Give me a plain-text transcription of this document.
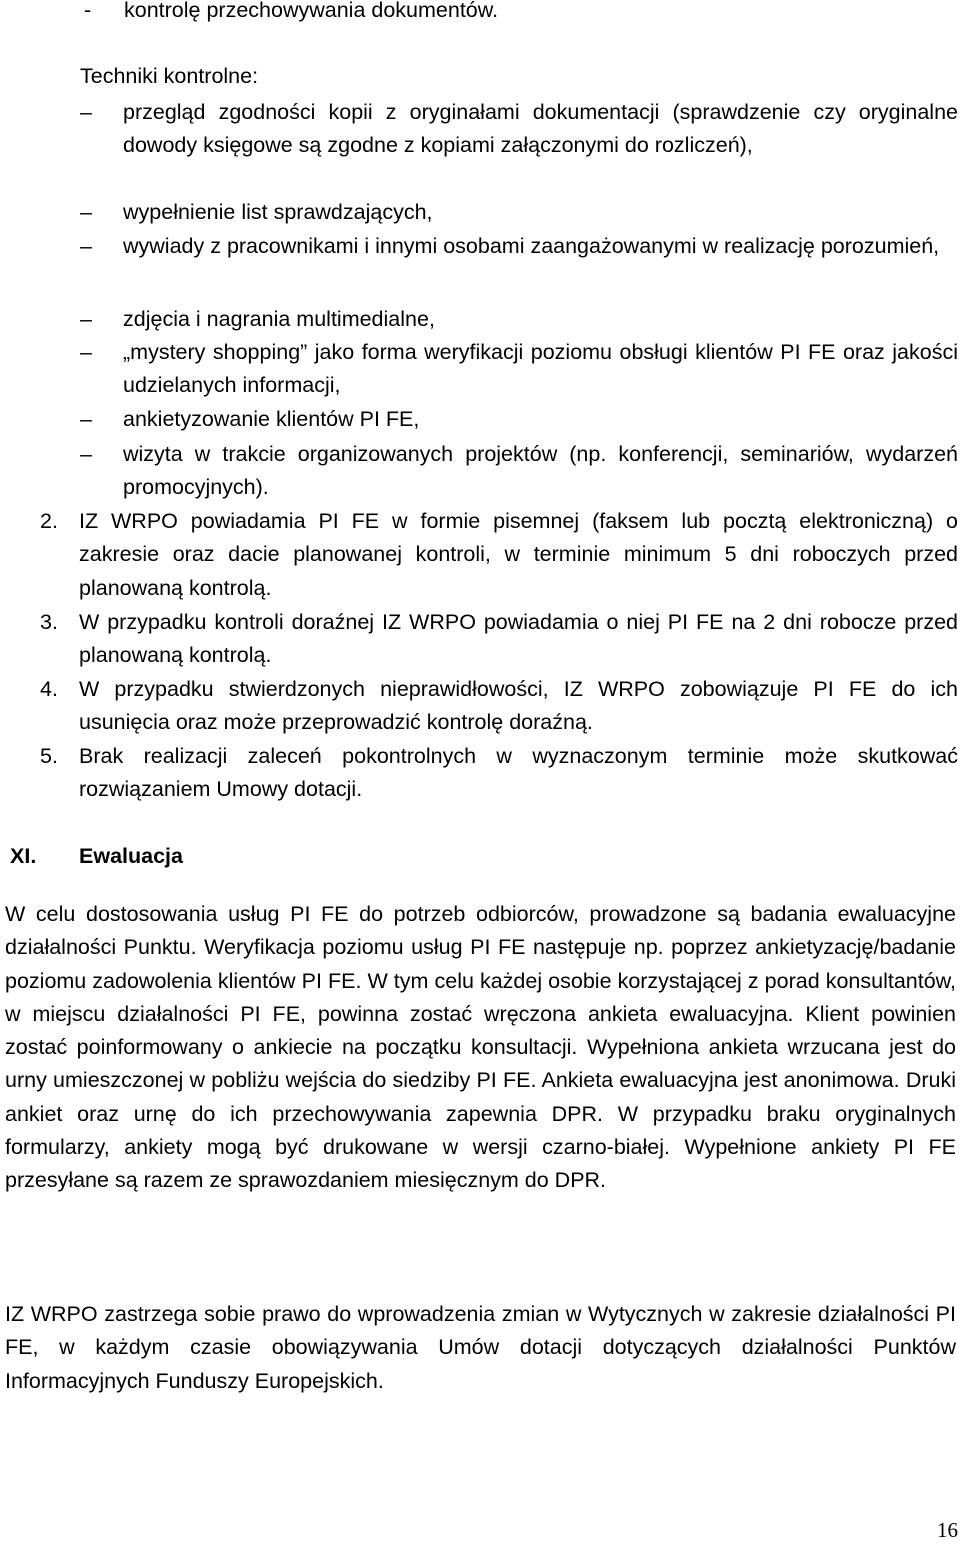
- kontrolę przechowywania dokumentów.
Techniki kontrolne:
–	przegląd zgodności kopii z oryginałami dokumentacji (sprawdzenie czy oryginalne dowody księgowe są zgodne z kopiami załączonymi do rozliczeń),
–	wypełnienie list sprawdzających,
–	wywiady z pracownikami i innymi osobami zaangażowanymi w realizację porozumień,
–	zdjęcia i nagrania multimedialne,
–	„mystery shopping” jako forma weryfikacji poziomu obsługi klientów PI FE oraz jakości udzielanych informacji,
–	ankietyzowanie klientów PI FE,
–	wizyta w trakcie organizowanych projektów (np. konferencji, seminariów, wydarzeń promocyjnych).
2. IZ WRPO powiadamia PI FE w formie pisemnej (faksem lub pocztą elektroniczną) o zakresie oraz dacie planowanej kontroli, w terminie minimum 5 dni roboczych przed planowaną kontrolą.
3. W przypadku kontroli doraźnej IZ WRPO powiadamia o niej PI FE na 2 dni robocze przed planowaną kontrolą.
4. W przypadku stwierdzonych nieprawidłowości, IZ WRPO zobowiązuje PI FE do ich usunięcia oraz może przeprowadzić kontrolę doraźną.
5. Brak realizacji zaleceń pokontrolnych w wyznaczonym terminie może skutkować rozwiązaniem Umowy dotacji.
XI. Ewaluacja
W celu dostosowania usług PI FE do potrzeb odbiorców, prowadzone są badania ewaluacyjne działalności Punktu. Weryfikacja poziomu usług PI FE następuje np. poprzez ankietyzację/badanie poziomu zadowolenia klientów PI FE. W tym celu każdej osobie korzystającej z porad konsultantów, w miejscu działalności PI FE, powinna zostać wręczona ankieta ewaluacyjna. Klient powinien zostać poinformowany o ankiecie na początku konsultacji. Wypełniona ankieta wrzucana jest do urny umieszczonej w pobliżu wejścia do siedziby PI FE. Ankieta ewaluacyjna jest anonimowa. Druki ankiet oraz urnę do ich przechowywania zapewnia DPR. W przypadku braku oryginalnych formularzy, ankiety mogą być drukowane w wersji czarno-białej. Wypełnione ankiety PI FE przesyłane są razem ze sprawozdaniem miesięcznym do DPR.
IZ WRPO zastrzega sobie prawo do wprowadzenia zmian w Wytycznych w zakresie działalności PI FE, w każdym czasie obowiązywania Umów dotacji dotyczących działalności Punktów Informacyjnych Funduszy Europejskich.
16
